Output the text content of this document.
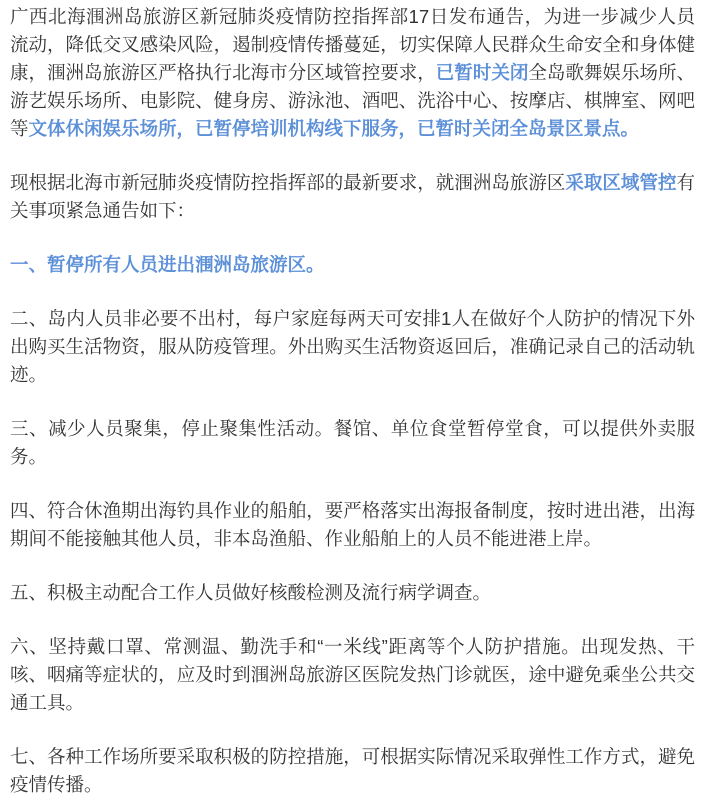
广西北海涠洲岛旅游区新冠肺炎疫情防控指挥部17日发布通告，为进一步减少人员流动，降低交叉感染风险，遏制疫情传播蔓延，切实保障人民群众生命安全和身体健康，涠洲岛旅游区严格执行北海市分区域管控要求，已暂时关闭全岛歌舞娱乐场所、游艺娱乐场所、电影院、健身房、游泳池、酒吧、洗浴中心、按摩店、棋牌室、网吧等文体休闲娱乐场所，已暂停培训机构线下服务，已暂时关闭全岛景区景点。

现根据北海市新冠肺炎疫情防控指挥部的最新要求，就涠洲岛旅游区采取区域管控有关事项紧急通告如下：

一、暂停所有人员进出涠洲岛旅游区。

二、岛内人员非必要不出村，每户家庭每两天可安排1人在做好个人防护的情况下外出购买生活物资，服从防疫管理。外出购买生活物资返回后，准确记录自己的活动轨迹。

三、减少人员聚集，停止聚集性活动。餐馆、单位食堂暂停堂食，可以提供外卖服务。

四、符合休渔期出海钓具作业的船舶，要严格落实出海报备制度，按时进出港，出海期间不能接触其他人员，非本岛渔船、作业船舶上的人员不能进港上岸。

五、积极主动配合工作人员做好核酸检测及流行病学调查。

六、坚持戴口罩、常测温、勤洗手和“一米线”距离等个人防护措施。出现发热、干咳、咽痛等症状的，应及时到涠洲岛旅游区医院发热门诊就医，途中避免乘坐公共交通工具。

七、各种工作场所要采取积极的防控措施，可根据实际情况采取弹性工作方式，避免疫情传播。
